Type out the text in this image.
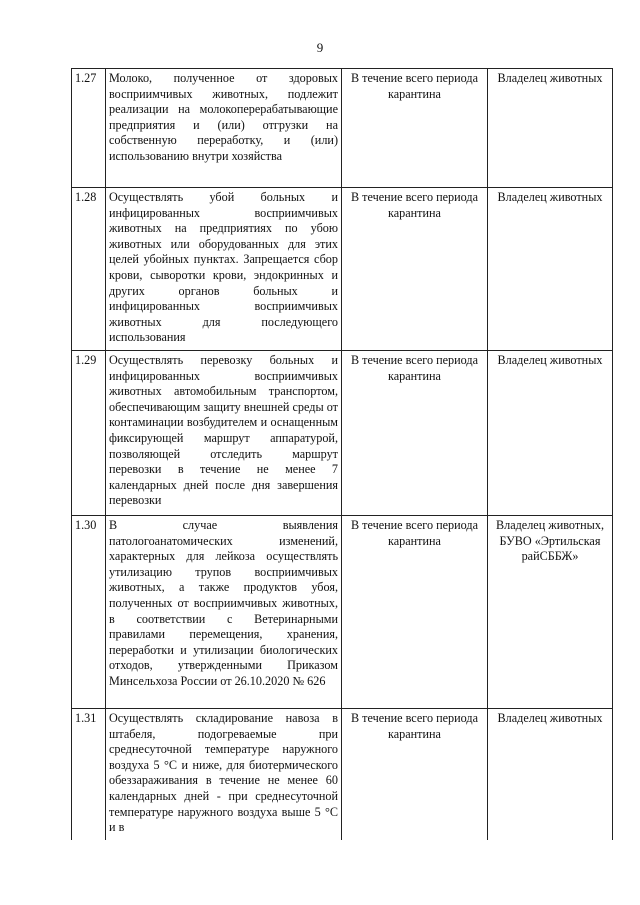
9
1.27	Молоко, полученное от здоровых восприимчивых животных, подлежит реализации на молокоперерабатывающие предприятия и (или) отгрузки на собственную переработку, и (или) использованию внутри хозяйства	В течение всего периода карантина	Владелец животных
1.28	Осуществлять убой больных и инфицированных восприимчивых животных на предприятиях по убою животных или оборудованных для этих целей убойных пунктах. Запрещается сбор крови, сыворотки крови, эндокринных и других органов больных и инфицированных восприимчивых животных для последующего использования	В течение всего периода карантина	Владелец животных
1.29	Осуществлять перевозку больных и инфицированных восприимчивых животных автомобильным транспортом, обеспечивающим защиту внешней среды от контаминации возбудителем и оснащенным фиксирующей маршрут аппаратурой, позволяющей отследить маршрут перевозки в течение не менее 7 календарных дней после дня завершения перевозки	В течение всего периода карантина	Владелец животных
1.30	В случае выявления патологоанатомических изменений, характерных для лейкоза осуществлять утилизацию трупов восприимчивых животных, а также продуктов убоя, полученных от восприимчивых животных, в соответствии с Ветеринарными правилами перемещения, хранения, переработки и утилизации биологических отходов, утвержденными Приказом Минсельхоза России от 26.10.2020 № 626	В течение всего периода карантина	Владелец животных, БУВО «Эртильская райСББЖ»
1.31	Осуществлять складирование навоза в штабеля, подогреваемые при среднесуточной температуре наружного воздуха 5 °С и ниже, для биотермического обеззараживания в течение не менее 60 календарных дней - при среднесуточной температуре наружного воздуха выше 5 °С и в	В течение всего периода карантина	Владелец животных
